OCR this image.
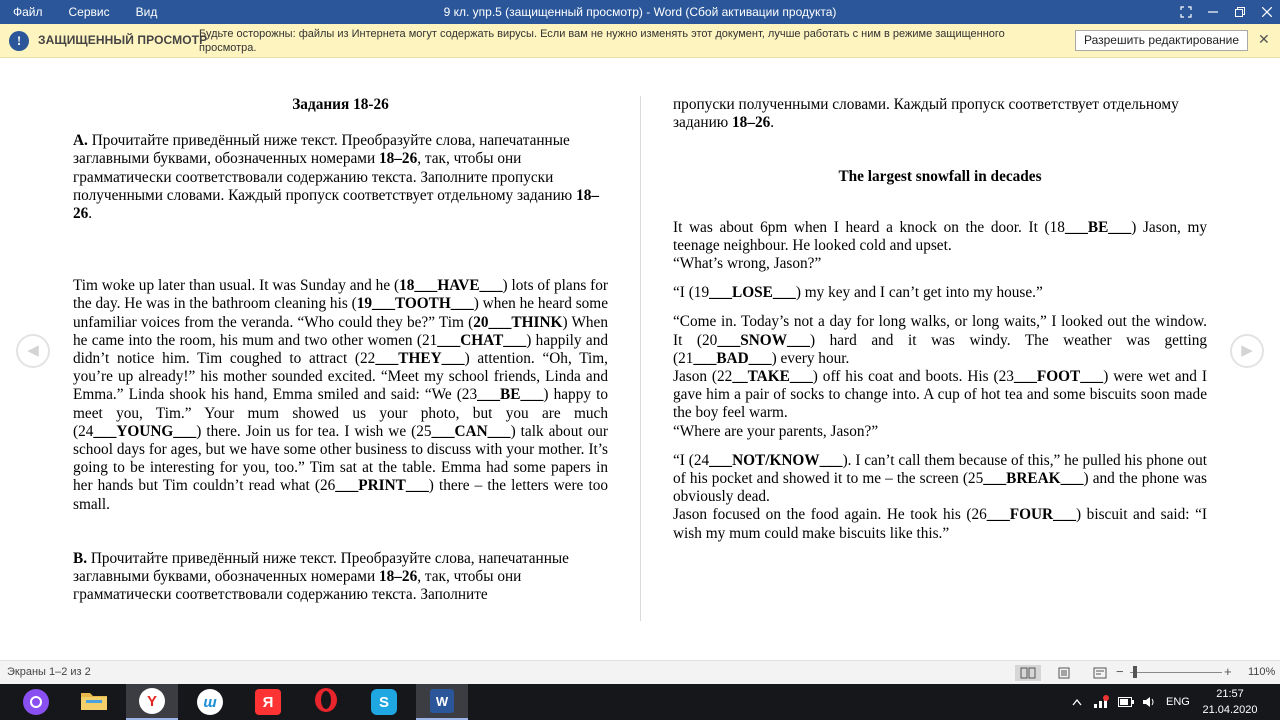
Файл	Сервис	Вид	9 кл. упр.5 (защищенный просмотр) - Word (Сбой активации продукта)
!	ЗАЩИЩЕННЫЙ ПРОСМОТР
Будьте осторожны: файлы из Интернета могут содержать вирусы. Если вам не нужно изменять этот документ, лучше работать с ним в режиме защищенного просмотра.
Разрешить редактирование	✕
◀	▶
Задания 18-26
А. Прочитайте приведённый ниже текст. Преобразуйте слова, напечатанные заглавными буквами, обозначенных номерами 18–26, так, чтобы они грамматически соответствовали содержанию текста. Заполните пропуски полученными словами. Каждый пропуск соответствует отдельному заданию 18–26.
Tim woke up later than usual. It was Sunday and he (18___HAVE___) lots of plans for the day. He was in the bathroom cleaning his (19___TOOTH___) when he heard some unfamiliar voices from the veranda. “Who could they be?” Tim (20___THINK) When he came into the room, his mum and two other women (21___CHAT___) happily and didn’t notice him. Tim coughed to attract (22___THEY___) attention. “Oh, Tim, you’re up already!” his mother sounded excited. “Meet my school friends, Linda and Emma.” Linda shook his hand, Emma smiled and said: “We (23___BE___) happy to meet you, Tim.” Your mum showed us your photo, but you are much (24___YOUNG___) there. Join us for tea. I wish we (25___CAN___) talk about our school days for ages, but we have some other business to discuss with your mother. It’s going to be interesting for you, too.” Tim sat at the table. Emma had some papers in her hands but Tim couldn’t read what (26___PRINT___) there – the letters were too small.
В. Прочитайте приведённый ниже текст. Преобразуйте слова, напечатанные заглавными буквами, обозначенных номерами 18–26, так, чтобы они грамматически соответствовали содержанию текста. Заполните
пропуски полученными словами. Каждый пропуск соответствует отдельному заданию 18–26.
The largest snowfall in decades
It was about 6pm when I heard a knock on the door. It (18___BE___) Jason, my teenage neighbour. He looked cold and upset.
“What’s wrong, Jason?”
“I (19___LOSE___) my key and I can’t get into my house.”
“Come in. Today’s not a day for long walks, or long waits,” I looked out the window. It (20___SNOW___) hard and it was windy. The weather was getting (21___BAD___) every hour.
Jason (22__TAKE___) off his coat and boots. His (23___FOOT___) were wet and I gave him a pair of socks to change into. A cup of hot tea and some biscuits soon made the boy feel warm.
“Where are your parents, Jason?”
“I (24___NOT/KNOW___). I can’t call them because of this,” he pulled his phone out of his pocket and showed it to me – the screen (25___BREAK___) and the phone was obviously dead.
Jason focused on the food again. He took his (26___FOUR___) biscuit and said: “I wish my mum could make biscuits like this.”
Экраны 1–2 из 2	−	+ 110%
Y	ш	Я	S	W	ENG
21:57
21.04.2020
